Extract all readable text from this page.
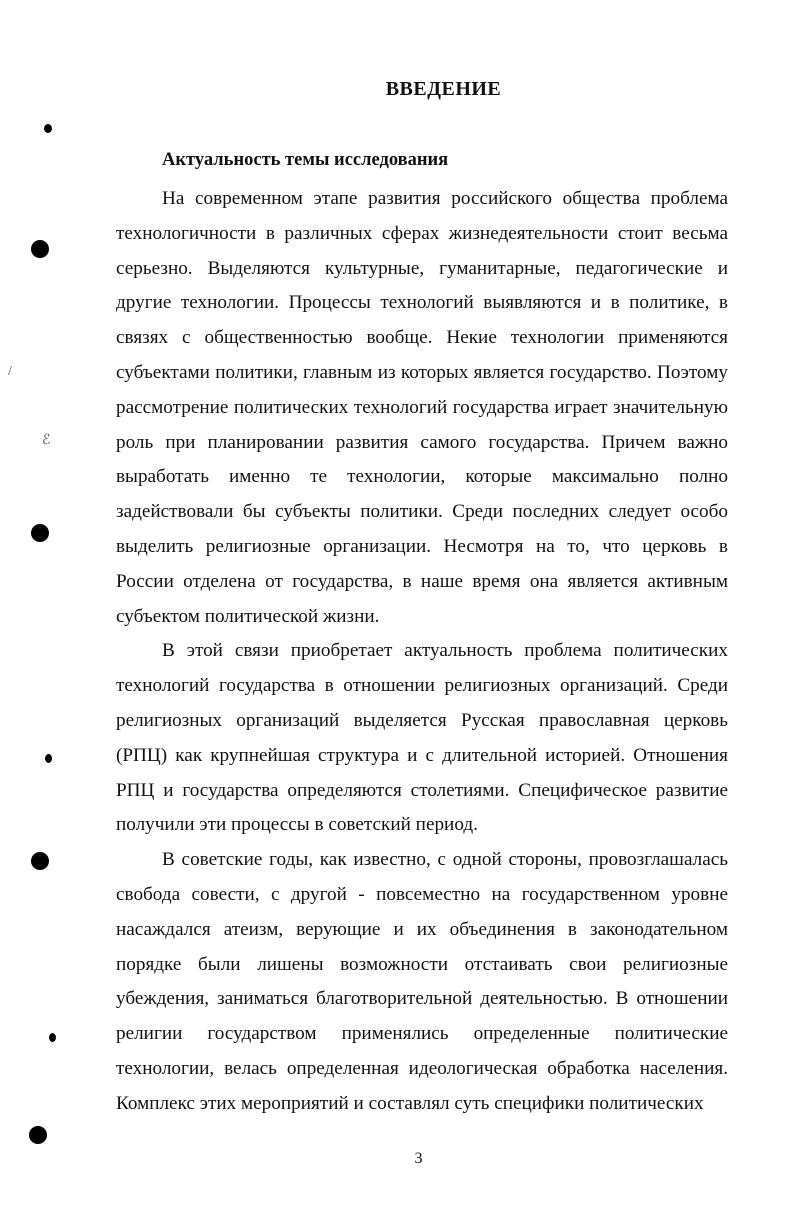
/
ℰ
ВВЕДЕНИЕ
Актуальность темы исследования

На современном этапе развития российского общества проблема технологичности в различных сферах жизнедеятельности стоит весьма серьезно. Выделяются культурные, гуманитарные, педагогические и другие технологии. Процессы технологий выявляются и в политике, в связях с общественностью вообще. Некие технологии применяются субъектами политики, главным из которых является государство. Поэтому рассмотрение политических технологий государства играет значительную роль при планировании развития самого государства. Причем важно выработать именно те технологии, которые максимально полно задействовали бы субъекты политики. Среди последних следует особо выделить религиозные организации. Несмотря на то, что церковь в России отделена от государства, в наше время она является активным субъектом политической жизни.

В этой связи приобретает актуальность проблема политических технологий государства в отношении религиозных организаций. Среди религиозных организаций выделяется Русская православная церковь (РПЦ) как крупнейшая структура и с длительной историей. Отношения РПЦ и государства определяются столетиями. Специфическое развитие получили эти процессы в советский период.

В советские годы, как известно, с одной стороны, провозглашалась свобода совести, с другой - повсеместно на государственном уровне насаждался атеизм, верующие и их объединения в законодательном порядке были лишены возможности отстаивать свои религиозные убеждения, заниматься благотворительной деятельностью. В отношении религии государством применялись определенные политические технологии, велась определенная идеологическая обработка населения. Комплекс этих мероприятий и составлял суть специфики политических

3
